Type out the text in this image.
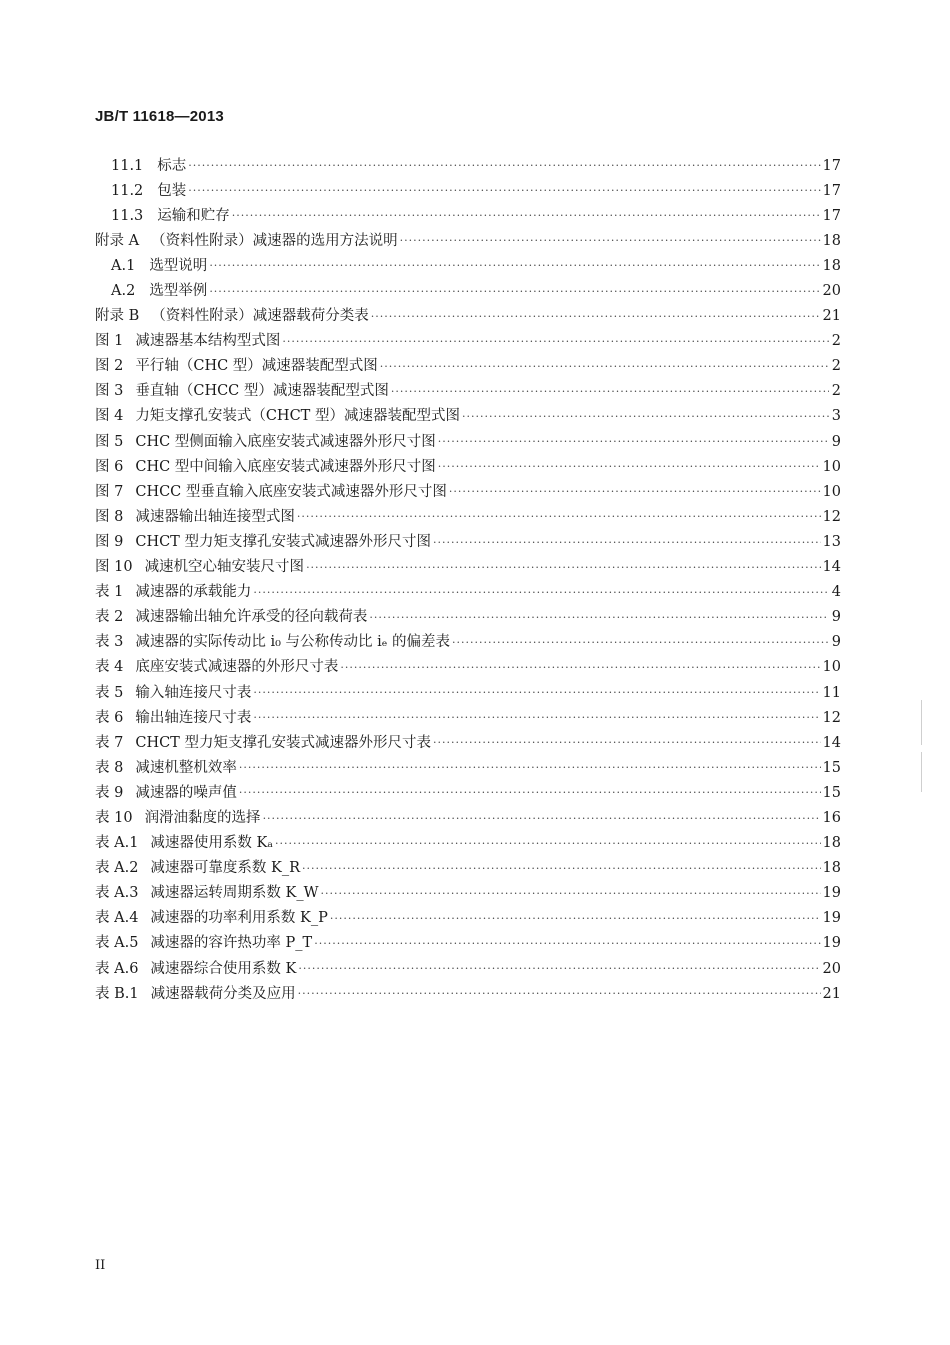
JB/T 11618—2013
11.1 标志 .....	17
11.2 包装 .....	17
11.3 运输和贮存 .....	17
附录 A （资料性附录）减速器的选用方法说明 .....	18
A.1 选型说明 .....	18
A.2 选型举例 .....	20
附录 B （资料性附录）减速器载荷分类表 .....	21
图 1 减速器基本结构型式图 .....	2
图 2 平行轴（CHC 型）减速器装配型式图 .....	2
图 3 垂直轴（CHCC 型）减速器装配型式图 .....	2
图 4 力矩支撑孔安装式（CHCT 型）减速器装配型式图 .....	3
图 5 CHC 型侧面输入底座安装式减速器外形尺寸图 .....	9
图 6 CHC 型中间输入底座安装式减速器外形尺寸图 .....	10
图 7 CHCC 型垂直输入底座安装式减速器外形尺寸图 .....	10
图 8 减速器输出轴连接型式图 .....	12
图 9 CHCT 型力矩支撑孔安装式减速器外形尺寸图 .....	13
图 10 减速机空心轴安装尺寸图 .....	14
表 1 减速器的承载能力 .....	4
表 2 减速器输出轴允许承受的径向载荷表 .....	9
表 3 减速器的实际传动比 i₀ 与公称传动比 iₑ 的偏差表 .....	9
表 4 底座安装式减速器的外形尺寸表 .....	10
表 5 输入轴连接尺寸表 .....	11
表 6 输出轴连接尺寸表 .....	12
表 7 CHCT 型力矩支撑孔安装式减速器外形尺寸表 .....	14
表 8 减速机整机效率 .....	15
表 9 减速器的噪声值 .....	15
表 10 润滑油黏度的选择 .....	16
表 A.1 减速器使用系数 Kₐ .....	18
表 A.2 减速器可靠度系数 K_R .....	18
表 A.3 减速器运转周期系数 K_W .....	19
表 A.4 减速器的功率利用系数 K_P .....	19
表 A.5 减速器的容许热功率 P_T .....	19
表 A.6 减速器综合使用系数 K .....	20
表 B.1 减速器载荷分类及应用 .....	21
II
